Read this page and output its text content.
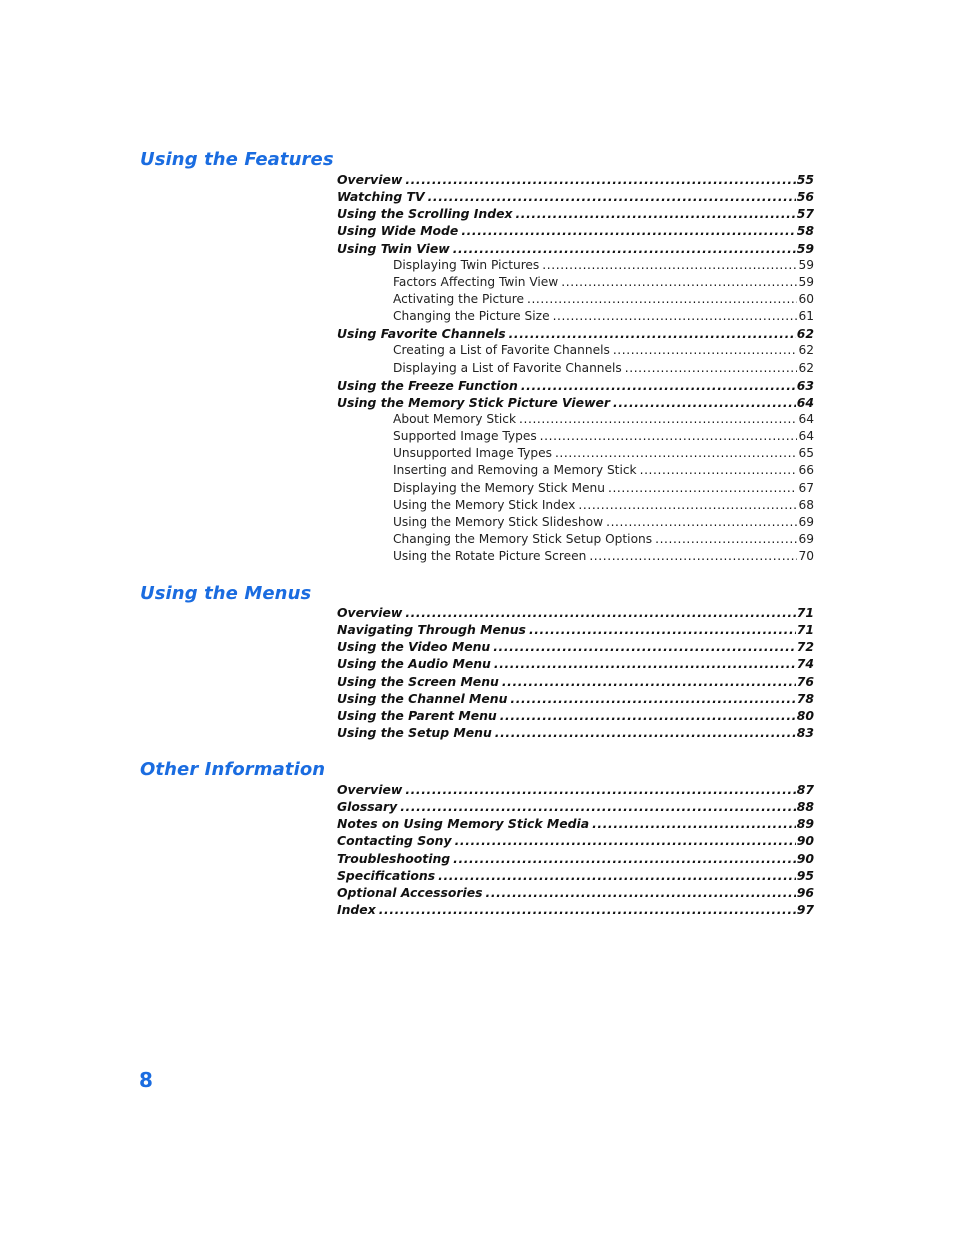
Using the Features
Overview .....	55
Watching TV .....	56
Using the Scrolling Index .....	57
Using Wide Mode .....	58
Using Twin View .....	59
Displaying Twin Pictures .....	59
Factors Affecting Twin View .....	59
Activating the Picture .....	60
Changing the Picture Size .....	61
Using Favorite Channels .....	62
Creating a List of Favorite Channels .....	62
Displaying a List of Favorite Channels .....	62
Using the Freeze Function .....	63
Using the Memory Stick Picture Viewer .....	64
About Memory Stick .....	64
Supported Image Types .....	64
Unsupported Image Types .....	65
Inserting and Removing a Memory Stick .....	66
Displaying the Memory Stick Menu .....	67
Using the Memory Stick Index .....	68
Using the Memory Stick Slideshow .....	69
Changing the Memory Stick Setup Options .....	69
Using the Rotate Picture Screen .....	70
Using the Menus
Overview .....	71
Navigating Through Menus .....	71
Using the Video Menu .....	72
Using the Audio Menu .....	74
Using the Screen Menu .....	76
Using the Channel Menu .....	78
Using the Parent Menu .....	80
Using the Setup Menu .....	83
Other Information
Overview .....	87
Glossary .....	88
Notes on Using Memory Stick Media .....	89
Contacting Sony .....	90
Troubleshooting .....	90
Specifications .....	95
Optional Accessories .....	96
Index .....	97
8
